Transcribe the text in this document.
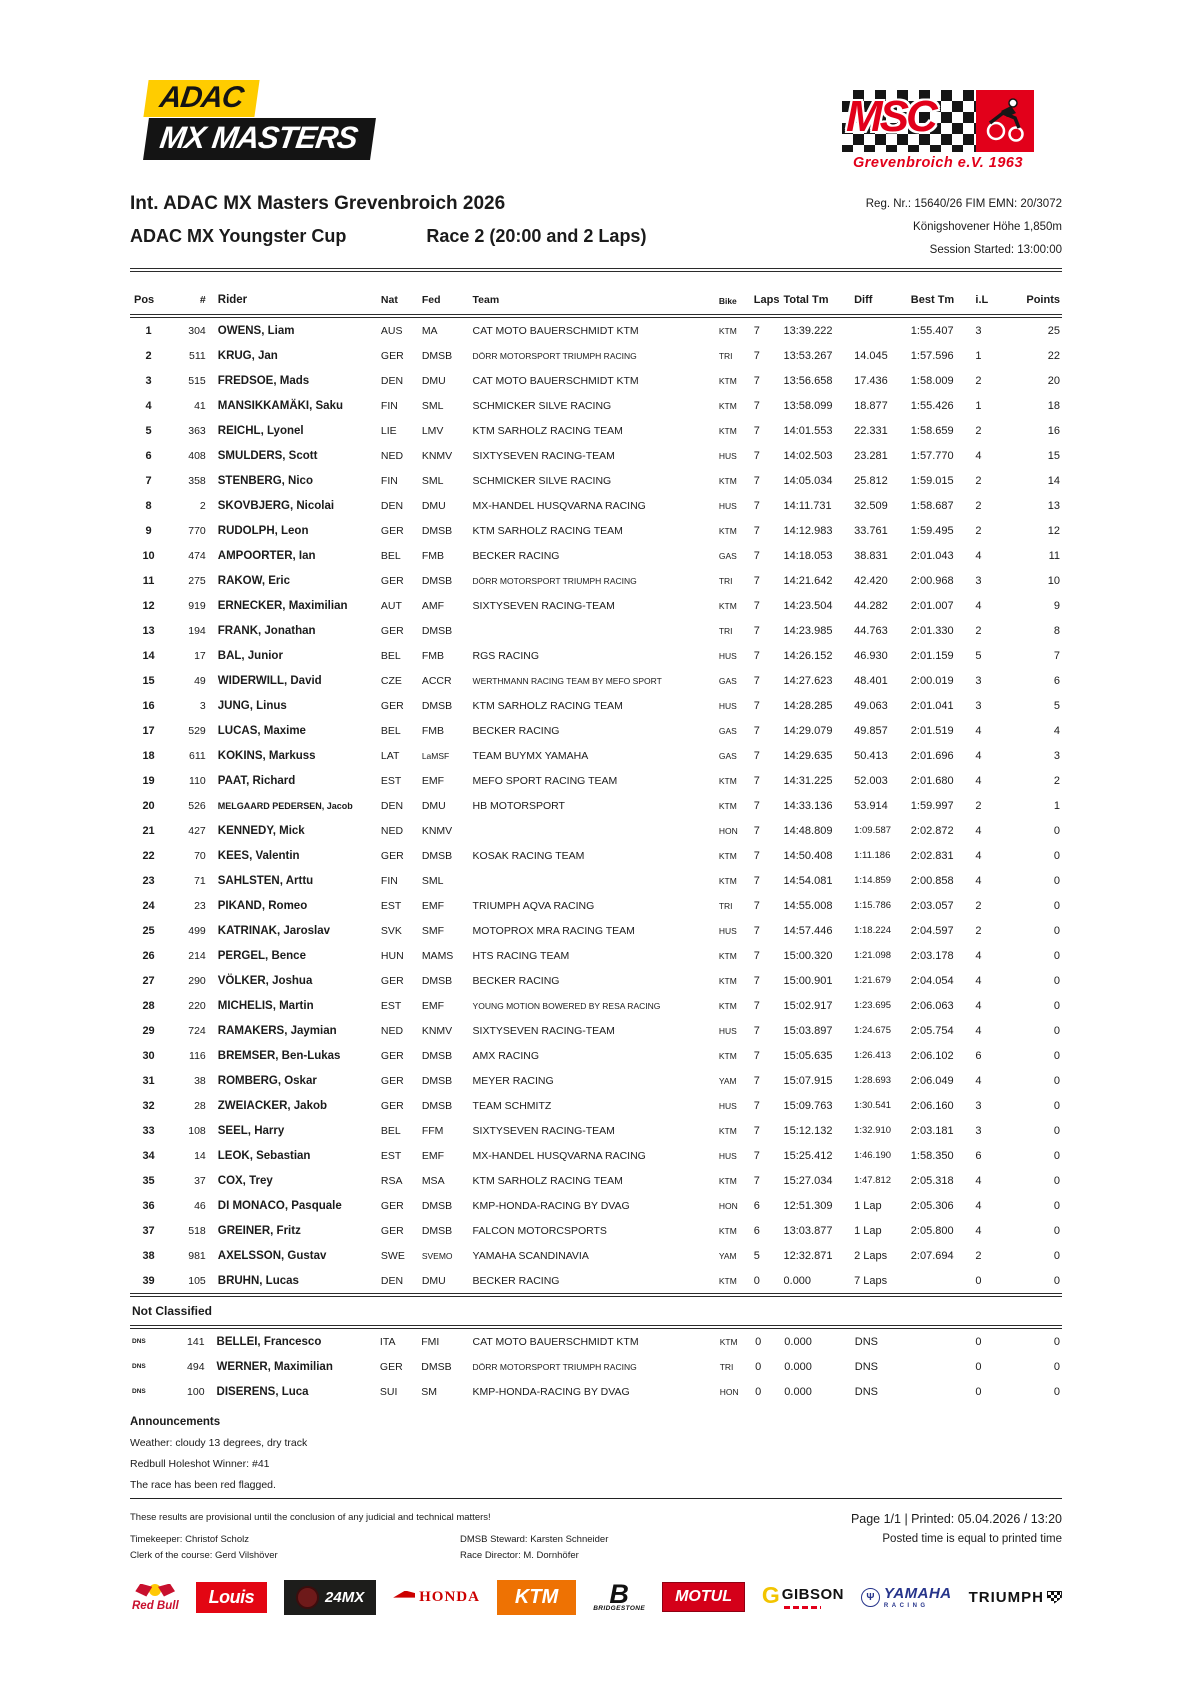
ADAC
MX MASTERS	MSC
Grevenbroich e.V. 1963
Int. ADAC MX Masters Grevenbroich 2026
ADAC MX Youngster Cup	Race 2 (20:00 and 2 Laps)
Reg. Nr.: 15640/26 FIM EMN: 20/3072
Königshovener Höhe 1,850m
Session Started: 13:00:00
Pos	#	Rider	Nat	Fed	Team	Bike	Laps	Total Tm	Diff	Best Tm	i.L	Points
1	304	OWENS, Liam	AUS	MA	CAT MOTO BAUERSCHMIDT KTM	KTM	7	13:39.222		1:55.407	3	25
2	511	KRUG, Jan	GER	DMSB	DÖRR MOTORSPORT TRIUMPH RACING	TRI	7	13:53.267	14.045	1:57.596	1	22
3	515	FREDSOE, Mads	DEN	DMU	CAT MOTO BAUERSCHMIDT KTM	KTM	7	13:56.658	17.436	1:58.009	2	20
4	41	MANSIKKAMÄKI, Saku	FIN	SML	SCHMICKER SILVE RACING	KTM	7	13:58.099	18.877	1:55.426	1	18
5	363	REICHL, Lyonel	LIE	LMV	KTM SARHOLZ RACING TEAM	KTM	7	14:01.553	22.331	1:58.659	2	16
6	408	SMULDERS, Scott	NED	KNMV	SIXTYSEVEN RACING-TEAM	HUS	7	14:02.503	23.281	1:57.770	4	15
7	358	STENBERG, Nico	FIN	SML	SCHMICKER SILVE RACING	KTM	7	14:05.034	25.812	1:59.015	2	14
8	2	SKOVBJERG, Nicolai	DEN	DMU	MX-HANDEL HUSQVARNA RACING	HUS	7	14:11.731	32.509	1:58.687	2	13
9	770	RUDOLPH, Leon	GER	DMSB	KTM SARHOLZ RACING TEAM	KTM	7	14:12.983	33.761	1:59.495	2	12
10	474	AMPOORTER, Ian	BEL	FMB	BECKER RACING	GAS	7	14:18.053	38.831	2:01.043	4	11
11	275	RAKOW, Eric	GER	DMSB	DÖRR MOTORSPORT TRIUMPH RACING	TRI	7	14:21.642	42.420	2:00.968	3	10
12	919	ERNECKER, Maximilian	AUT	AMF	SIXTYSEVEN RACING-TEAM	KTM	7	14:23.504	44.282	2:01.007	4	9
13	194	FRANK, Jonathan	GER	DMSB		TRI	7	14:23.985	44.763	2:01.330	2	8
14	17	BAL, Junior	BEL	FMB	RGS RACING	HUS	7	14:26.152	46.930	2:01.159	5	7
15	49	WIDERWILL, David	CZE	ACCR	WERTHMANN RACING TEAM BY MEFO SPORT	GAS	7	14:27.623	48.401	2:00.019	3	6
16	3	JUNG, Linus	GER	DMSB	KTM SARHOLZ RACING TEAM	HUS	7	14:28.285	49.063	2:01.041	3	5
17	529	LUCAS, Maxime	BEL	FMB	BECKER RACING	GAS	7	14:29.079	49.857	2:01.519	4	4
18	611	KOKINS, Markuss	LAT	LaMSF	TEAM BUYMX YAMAHA	GAS	7	14:29.635	50.413	2:01.696	4	3
19	110	PAAT, Richard	EST	EMF	MEFO SPORT RACING TEAM	KTM	7	14:31.225	52.003	2:01.680	4	2
20	526	MELGAARD PEDERSEN, Jacob	DEN	DMU	HB MOTORSPORT	KTM	7	14:33.136	53.914	1:59.997	2	1
21	427	KENNEDY, Mick	NED	KNMV		HON	7	14:48.809	1:09.587	2:02.872	4	0
22	70	KEES, Valentin	GER	DMSB	KOSAK RACING TEAM	KTM	7	14:50.408	1:11.186	2:02.831	4	0
23	71	SAHLSTEN, Arttu	FIN	SML		KTM	7	14:54.081	1:14.859	2:00.858	4	0
24	23	PIKAND, Romeo	EST	EMF	TRIUMPH AQVA RACING	TRI	7	14:55.008	1:15.786	2:03.057	2	0
25	499	KATRINAK, Jaroslav	SVK	SMF	MOTOPROX MRA RACING TEAM	HUS	7	14:57.446	1:18.224	2:04.597	2	0
26	214	PERGEL, Bence	HUN	MAMS	HTS RACING TEAM	KTM	7	15:00.320	1:21.098	2:03.178	4	0
27	290	VÖLKER, Joshua	GER	DMSB	BECKER RACING	KTM	7	15:00.901	1:21.679	2:04.054	4	0
28	220	MICHELIS, Martin	EST	EMF	YOUNG MOTION BOWERED BY RESA RACING	KTM	7	15:02.917	1:23.695	2:06.063	4	0
29	724	RAMAKERS, Jaymian	NED	KNMV	SIXTYSEVEN RACING-TEAM	HUS	7	15:03.897	1:24.675	2:05.754	4	0
30	116	BREMSER, Ben-Lukas	GER	DMSB	AMX RACING	KTM	7	15:05.635	1:26.413	2:06.102	6	0
31	38	ROMBERG, Oskar	GER	DMSB	MEYER RACING	YAM	7	15:07.915	1:28.693	2:06.049	4	0
32	28	ZWEIACKER, Jakob	GER	DMSB	TEAM SCHMITZ	HUS	7	15:09.763	1:30.541	2:06.160	3	0
33	108	SEEL, Harry	BEL	FFM	SIXTYSEVEN RACING-TEAM	KTM	7	15:12.132	1:32.910	2:03.181	3	0
34	14	LEOK, Sebastian	EST	EMF	MX-HANDEL HUSQVARNA RACING	HUS	7	15:25.412	1:46.190	1:58.350	6	0
35	37	COX, Trey	RSA	MSA	KTM SARHOLZ RACING TEAM	KTM	7	15:27.034	1:47.812	2:05.318	4	0
36	46	DI MONACO, Pasquale	GER	DMSB	KMP-HONDA-RACING BY DVAG	HON	6	12:51.309	1 Lap	2:05.306	4	0
37	518	GREINER, Fritz	GER	DMSB	FALCON MOTORCSPORTS	KTM	6	13:03.877	1 Lap	2:05.800	4	0
38	981	AXELSSON, Gustav	SWE	SVEMO	YAMAHA SCANDINAVIA	YAM	5	12:32.871	2 Laps	2:07.694	2	0
39	105	BRUHN, Lucas	DEN	DMU	BECKER RACING	KTM	0	0.000	7 Laps		0	0
Not Classified
DNS	141	BELLEI, Francesco	ITA	FMI	CAT MOTO BAUERSCHMIDT KTM	KTM	0	0.000	DNS		0	0
DNS	494	WERNER, Maximilian	GER	DMSB	DÖRR MOTORSPORT TRIUMPH RACING	TRI	0	0.000	DNS		0	0
DNS	100	DISERENS, Luca	SUI	SM	KMP-HONDA-RACING BY DVAG	HON	0	0.000	DNS		0	0
Announcements
Weather: cloudy 13 degrees, dry track
Redbull Holeshot Winner: #41
The race has been red flagged.
These results are provisional until the conclusion of any judicial and technical matters!
Timekeeper: Christof Scholz	DMSB Steward: Karsten Schneider
Clerk of the course: Gerd Vilshöver	Race Director: M. Dornhöfer
Page 1/1 | Printed: 05.04.2026 / 13:20
Posted time is equal to printed time
Red Bull	Louis	24MX	HONDA	KTM	B
BRIDGESTONE
MOTUL	G GIBSON	Ψ YAMAHA
RACING
TRIUMPH
